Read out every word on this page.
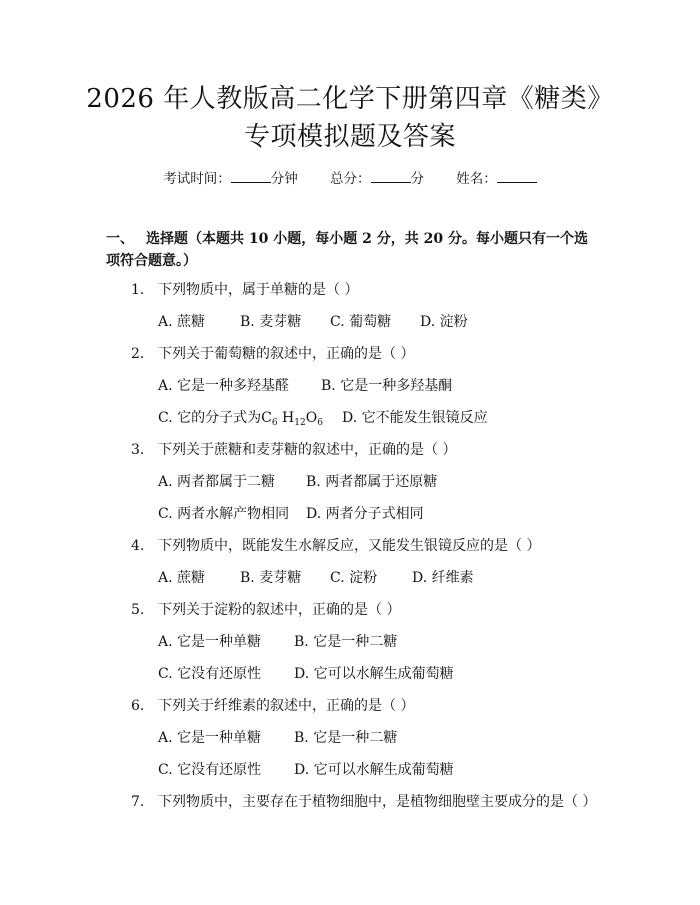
2026 年人教版高二化学下册第四章《糖类》
专项模拟题及答案
考试时间：	分钟 总分：	分 姓名：
一、 选择题（本题共 10 小题，每小题 2 分，共 20 分。每小题只有一个选项符合题意。）
1. 下列物质中，属于单糖的是（ ）
A. 蔗糖 B. 麦芽糖 C. 葡萄糖 D. 淀粉
2. 下列关于葡萄糖的叙述中，正确的是（ ）
A. 它是一种多羟基醛 B. 它是一种多羟基酮
C. 它的分子式为$C_6$ $H_{12}O_6$ D. 它不能发生银镜反应
3. 下列关于蔗糖和麦芽糖的叙述中，正确的是（ ）
A. 两者都属于二糖 B. 两者都属于还原糖
C. 两者水解产物相同 D. 两者分子式相同
4. 下列物质中，既能发生水解反应，又能发生银镜反应的是（ ）
A. 蔗糖 B. 麦芽糖 C. 淀粉 D. 纤维素
5. 下列关于淀粉的叙述中，正确的是（ ）
A. 它是一种单糖 B. 它是一种二糖
C. 它没有还原性 D. 它可以水解生成葡萄糖
6. 下列关于纤维素的叙述中，正确的是（ ）
A. 它是一种单糖 B. 它是一种二糖
C. 它没有还原性 D. 它可以水解生成葡萄糖
7. 下列物质中，主要存在于植物细胞中，是植物细胞壁主要成分的是（ ）
